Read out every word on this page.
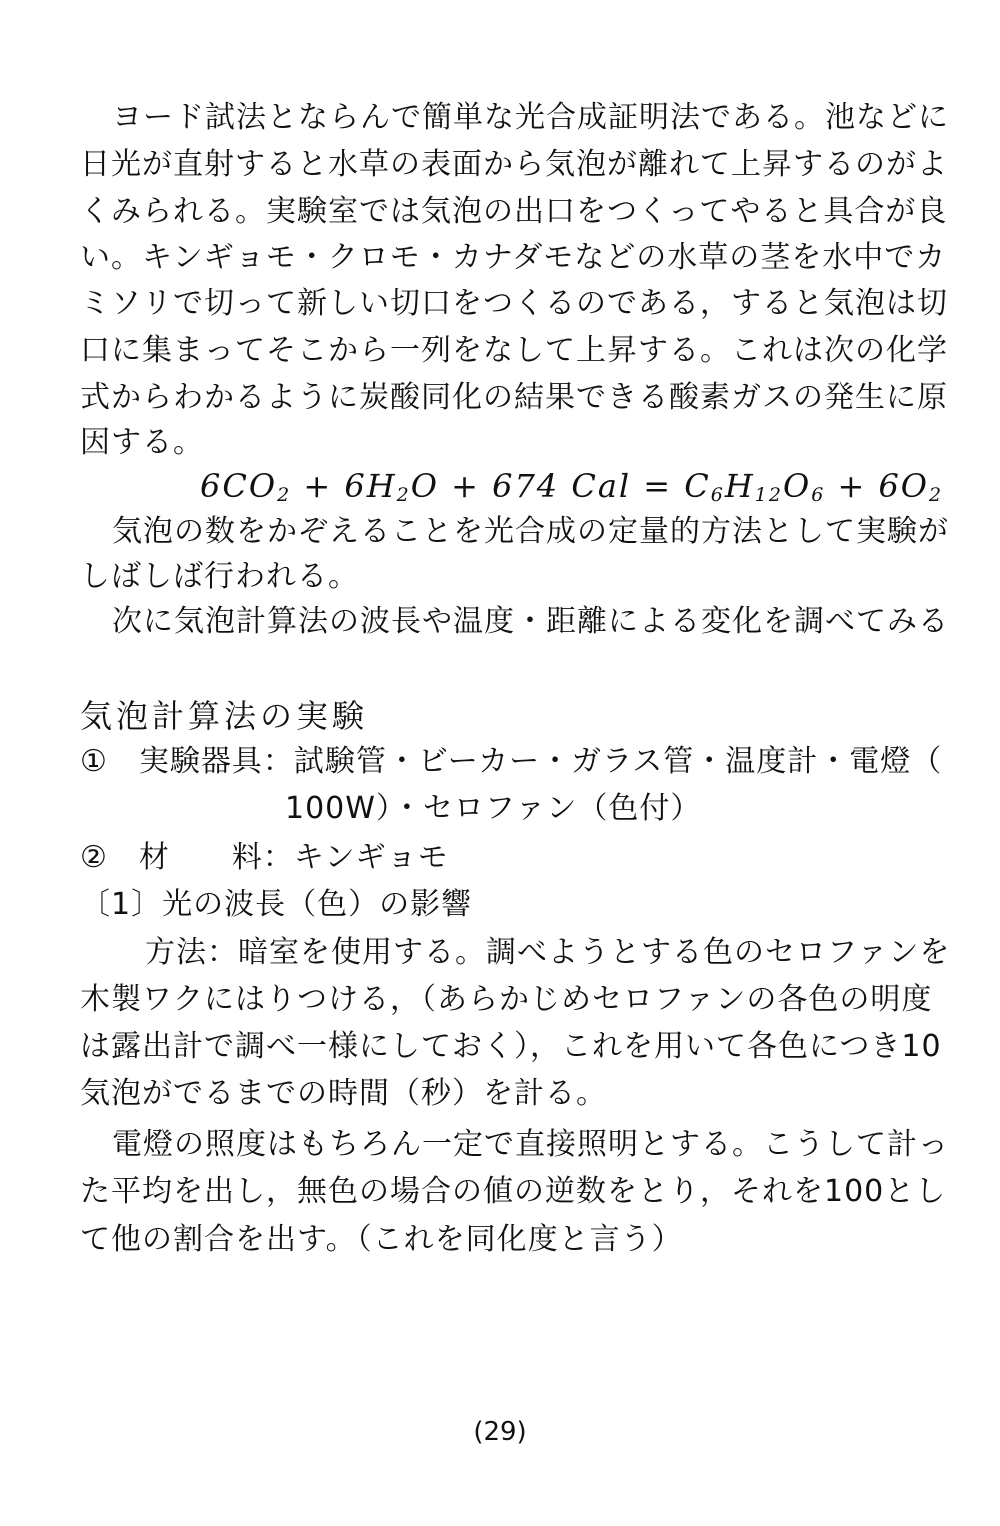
ヨード試法とならんで簡単な光合成証明法である。池などに
日光が直射すると水草の表面から気泡が離れて上昇するのがよ
くみられる。実験室では気泡の出口をつくってやると具合が良
い。キンギョモ・クロモ・カナダモなどの水草の茎を水中でカ
ミソリで切って新しい切口をつくるのである，すると気泡は切
口に集まってそこから一列をなして上昇する。これは次の化学
式からわかるように炭酸同化の結果できる酸素ガスの発生に原
因する。
$6CO_2 + 6H_2O + 674$ Cal = $C_6H_{12}O_6 + 6O_2$
気泡の数をかぞえることを光合成の定量的方法として実験が
しばしば行われる。
次に気泡計算法の波長や温度・距離による変化を調べてみる
気泡計算法の実験
①　実験器具：試験管・ビーカー・ガラス管・温度計・電燈（
100W）・セロファン（色付）
②　材　　料：キンギョモ
〔1〕光の波長（色）の影響
方法：暗室を使用する。調べようとする色のセロファンを
木製ワクにはりつける，（あらかじめセロファンの各色の明度
は露出計で調べ一様にしておく），これを用いて各色につき10
気泡がでるまでの時間（秒）を計る。
電燈の照度はもちろん一定で直接照明とする。こうして計っ
た平均を出し，無色の場合の値の逆数をとり，それを100とし
て他の割合を出す。（これを同化度と言う）
(29)
